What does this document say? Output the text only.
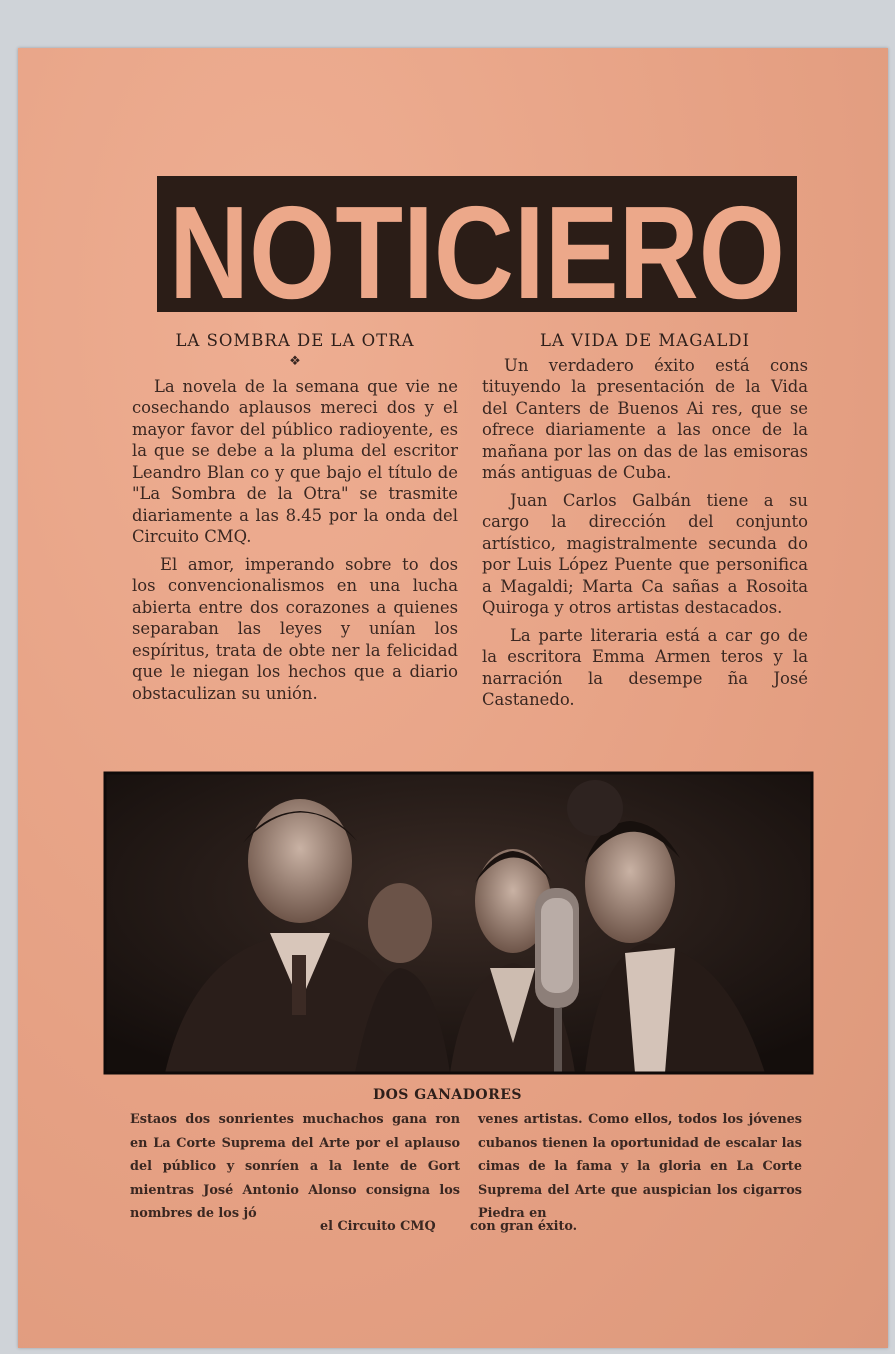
NOTICIERO
LA SOMBRA DE LA OTRA
❖

La novela de la semana que vie ne cosechando aplausos mereci dos y el mayor favor del público radioyente, es la que se debe a la pluma del escritor Leandro Blan co y que bajo el título de "La Sombra de la Otra" se trasmite diariamente a las 8.45 por la onda del Circuito CMQ.

El amor, imperando sobre to dos los convencionalismos en una lucha abierta entre dos corazones a quienes separaban las leyes y unían los espíritus, trata de obte ner la felicidad que le niegan los hechos que a diario obstaculizan su unión.

LA VIDA DE MAGALDI

Un verdadero éxito está cons tituyendo la presentación de la Vida del Canters de Buenos Ai res, que se ofrece diariamente a las once de la mañana por las on das de las emisoras más antiguas de Cuba.

Juan Carlos Galbán tiene a su cargo la dirección del conjunto artístico, magistralmente secunda do por Luis López Puente que personifica a Magaldi; Marta Ca sañas a Rosoita Quiroga y otros artistas destacados.

La parte literaria está a car go de la escritora Emma Armen teros y la narración la desempe ña José Castanedo.

DOS GANADORES
Estaos dos sonrientes muchachos gana ron en La Corte Suprema del Arte por el aplauso del público y sonríen a la lente de Gort mientras José Antonio Alonso consigna los nombres de los jó
venes artistas. Como ellos, todos los jóvenes cubanos tienen la oportunidad de escalar las cimas de la fama y la gloria en La Corte Suprema del Arte que auspician los cigarros Piedra en
el Circuito CMQ	con gran éxito.
